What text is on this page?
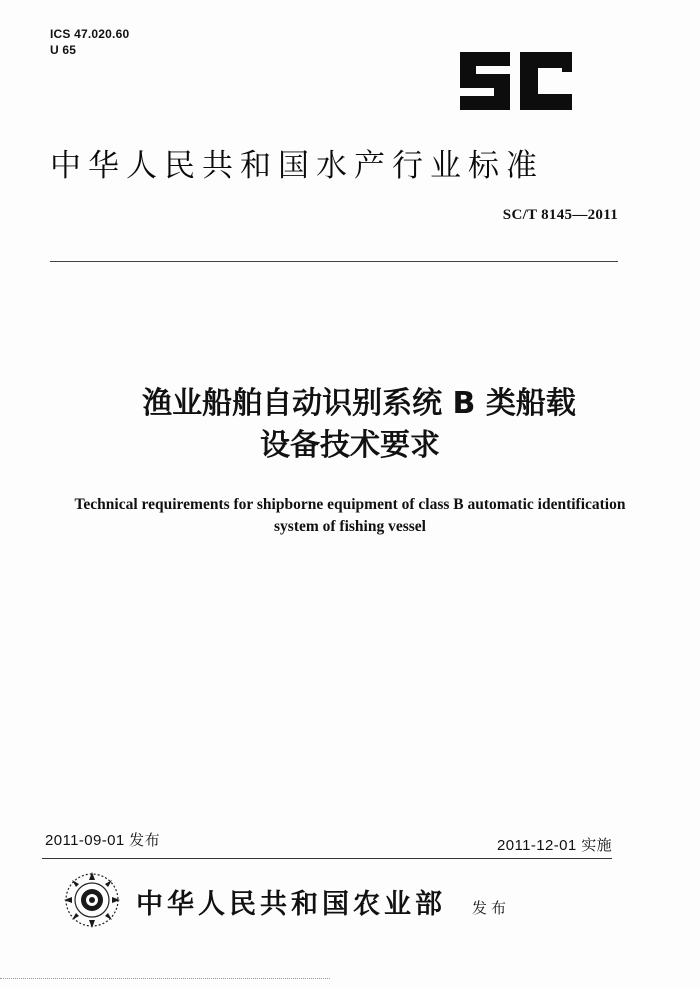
ICS 47.020.60
U 65
中华人民共和国水产行业标准
SC/T 8145—2011
渔业船舶自动识别系统 B 类船载
设备技术要求
Technical requirements for shipborne equipment of class B automatic identification
system of fishing vessel
2011-09-01 发布	2011-12-01 实施
中华人民共和国农业部 发布
